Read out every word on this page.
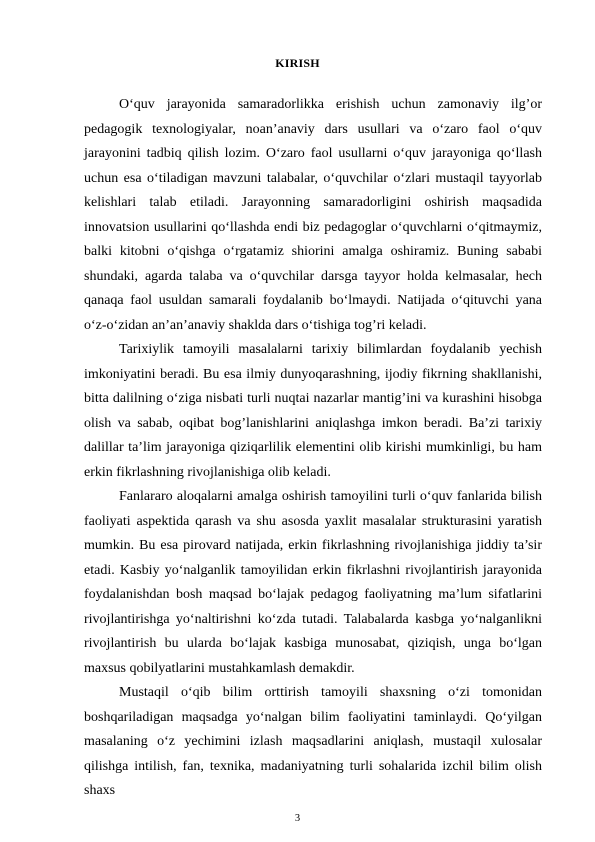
KIRISH

O‘quv jarayonida samaradorlikka erishish uchun zamonaviy ilg’or pedagogik texnologiyalar, noan’anaviy dars usullari va o‘zaro faol o‘quv jarayonini tadbiq qilish lozim. O‘zaro faol usullarni o‘quv jarayoniga qo‘llash uchun esa o‘tiladigan mavzuni talabalar, o‘quvchilar o‘zlari mustaqil tayyorlab kelishlari talab etiladi. Jarayonning samaradorligini oshirish maqsadida innovatsion usullarini qo‘llashda endi biz pedagoglar o‘quvchlarni o‘qitmaymiz, balki kitobni o‘qishga o‘rgatamiz shiorini amalga oshiramiz. Buning sababi shundaki, agarda talaba va o‘quvchilar darsga tayyor holda kelmasalar, hech qanaqa faol usuldan samarali foydalanib bo‘lmaydi. Natijada o‘qituvchi yana o‘z-o‘zidan an’an’anaviy shaklda dars o‘tishiga tog’ri keladi.

Tarixiylik tamoyili masalalarni tarixiy bilimlardan foydalanib yechish imkoniyatini beradi. Bu esa ilmiy dunyoqarashning, ijodiy fikrning shakllanishi, bitta dalilning o‘ziga nisbati turli nuqtai nazarlar mantig’ini va kurashini hisobga olish va sabab, oqibat bog’lanishlarini aniqlashga imkon beradi. Ba’zi tarixiy dalillar ta’lim jarayoniga qiziqarlilik elementini olib kirishi mumkinligi, bu ham erkin fikrlashning rivojlanishiga olib keladi.

Fanlararo aloqalarni amalga oshirish tamoyilini turli o‘quv fanlarida bilish faoliyati aspektida qarash va shu asosda yaxlit masalalar strukturasini yaratish mumkin. Bu esa pirovard natijada, erkin fikrlashning rivojlanishiga jiddiy ta’sir etadi. Kasbiy yo‘nalganlik tamoyilidan erkin fikrlashni rivojlantirish jarayonida foydalanishdan bosh maqsad bo‘lajak pedagog faoliyatning ma’lum sifatlarini rivojlantirishga yo‘naltirishni ko‘zda tutadi. Talabalarda kasbga yo‘nalganlikni rivojlantirish bu ularda bo‘lajak kasbiga munosabat, qiziqish, unga bo‘lgan maxsus qobilyatlarini mustahkamlash demakdir.

Mustaqil o‘qib bilim orttirish tamoyili shaxsning o‘zi tomonidan boshqariladigan maqsadga yo‘nalgan bilim faoliyatini taminlaydi. Qo‘yilgan masalaning o‘z yechimini izlash maqsadlarini aniqlash, mustaqil xulosalar qilishga intilish, fan, texnika, madaniyatning turli sohalarida izchil bilim olish shaxs

3
